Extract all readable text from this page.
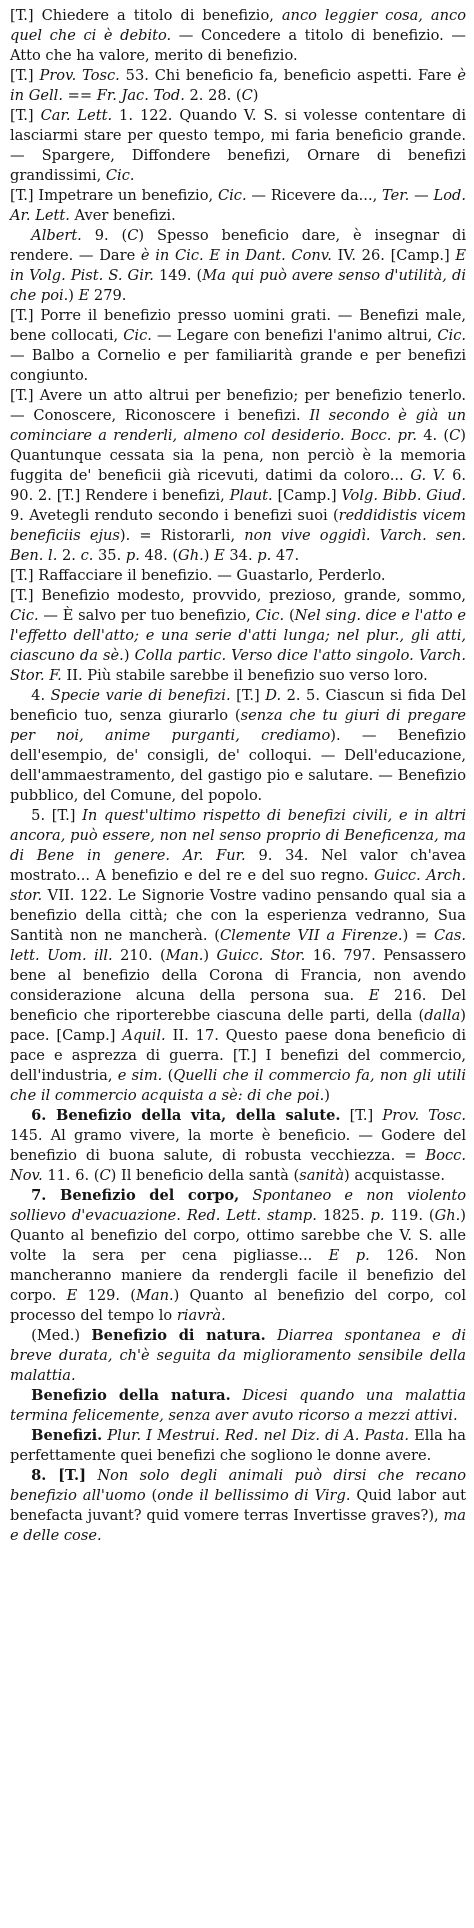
[T.] Chiedere a titolo di benefizio, anco leggier cosa, anco quel che ci è debito. — Concedere a titolo di benefizio. — Atto che ha valore, merito di benefizio.

[T.] Prov. Tosc. 53. Chi beneficio fa, beneficio aspetti. Fare è in Gell. == Fr. Jac. Tod. 2. 28. (C)

[T.] Car. Lett. 1. 122. Quando V. S. si volesse contentare di lasciarmi stare per questo tempo, mi faria beneficio grande. — Spargere, Diffondere benefizi, Ornare di benefizi grandissimi, Cic.

[T.] Impetrare un benefizio, Cic. — Ricevere da..., Ter. — Lod. Ar. Lett. Aver benefizi.

Albert. 9. (C) Spesso beneficio dare, è insegnar di rendere. — Dare è in Cic. E in Dant. Conv. IV. 26. [Camp.] E in Volg. Pist. S. Gir. 149. (Ma qui può avere senso d'utilità, di che poi.) E 279.

[T.] Porre il benefizio presso uomini grati. — Benefizi male, bene collocati, Cic. — Legare con benefizi l'animo altrui, Cic. — Balbo a Cornelio e per familiarità grande e per benefizi congiunto.

[T.] Avere un atto altrui per benefizio; per benefizio tenerlo. — Conoscere, Riconoscere i benefizi. Il secondo è già un cominciare a renderli, almeno col desiderio. Bocc. pr. 4. (C) Quantunque cessata sia la pena, non perciò è la memoria fuggita de' beneficii già ricevuti, datimi da coloro... G. V. 6. 90. 2. [T.] Rendere i benefizi, Plaut. [Camp.] Volg. Bibb. Giud. 9. Avetegli renduto secondo i benefizi suoi (reddidistis vicem beneficiis ejus). = Ristorarli, non vive oggidì. Varch. sen. Ben. l. 2. c. 35. p. 48. (Gh.) E 34. p. 47.

[T.] Raffacciare il benefizio. — Guastarlo, Perderlo.

[T.] Benefizio modesto, provvido, prezioso, grande, sommo, Cic. — È salvo per tuo benefizio, Cic. (Nel sing. dice e l'atto e l'effetto dell'atto; e una serie d'atti lunga; nel plur., gli atti, ciascuno da sè.) Colla partic. Verso dice l'atto singolo. Varch. Stor. F. II. Più stabile sarebbe il benefizio suo verso loro.

4. Specie varie di benefizi. [T.] D. 2. 5. Ciascun si fida Del beneficio tuo, senza giurarlo (senza che tu giuri di pregare per noi, anime purganti, crediamo). — Benefizio dell'esempio, de' consigli, de' colloqui. — Dell'educazione, dell'ammaestramento, del gastigo pio e salutare. — Benefizio pubblico, del Comune, del popolo.

5. [T.] In quest'ultimo rispetto di benefizi civili, e in altri ancora, può essere, non nel senso proprio di Beneficenza, ma di Bene in genere. Ar. Fur. 9. 34. Nel valor ch'avea mostrato... A benefizio e del re e del suo regno. Guicc. Arch. stor. VII. 122. Le Signorie Vostre vadino pensando qual sia a benefizio della città; che con la esperienza vedranno, Sua Santità non ne mancherà. (Clemente VII a Firenze.) = Cas. lett. Uom. ill. 210. (Man.) Guicc. Stor. 16. 797. Pensassero bene al benefizio della Corona di Francia, non avendo considerazione alcuna della persona sua. E 216. Del beneficio che riporterebbe ciascuna delle parti, della (dalla) pace. [Camp.] Aquil. II. 17. Questo paese dona beneficio di pace e asprezza di guerra. [T.] I benefizi del commercio, dell'industria, e sim. (Quelli che il commercio fa, non gli utili che il commercio acquista a sè: di che poi.)

6. Benefizio della vita, della salute. [T.] Prov. Tosc. 145. Al gramo vivere, la morte è beneficio. — Godere del benefizio di buona salute, di robusta vecchiezza. = Bocc. Nov. 11. 6. (C) Il beneficio della santà (sanità) acquistasse.

7. Benefizio del corpo, Spontaneo e non violento sollievo d'evacuazione. Red. Lett. stamp. 1825. p. 119. (Gh.) Quanto al benefizio del corpo, ottimo sarebbe che V. S. alle volte la sera per cena pigliasse... E p. 126. Non mancheranno maniere da rendergli facile il benefizio del corpo. E 129. (Man.) Quanto al benefizio del corpo, col processo del tempo lo riavrà.

(Med.) Benefizio di natura. Diarrea spontanea e di breve durata, ch'è seguita da miglioramento sensibile della malattia.

Benefizio della natura. Dicesi quando una malattia termina felicemente, senza aver avuto ricorso a mezzi attivi.

Benefizi. Plur. I Mestrui. Red. nel Diz. di A. Pasta. Ella ha perfettamente quei benefizi che sogliono le donne avere.

8. [T.] Non solo degli animali può dirsi che recano benefizio all'uomo (onde il bellissimo di Virg. Quid labor aut benefacta juvant? quid vomere terras Invertisse graves?), ma e delle cose.
